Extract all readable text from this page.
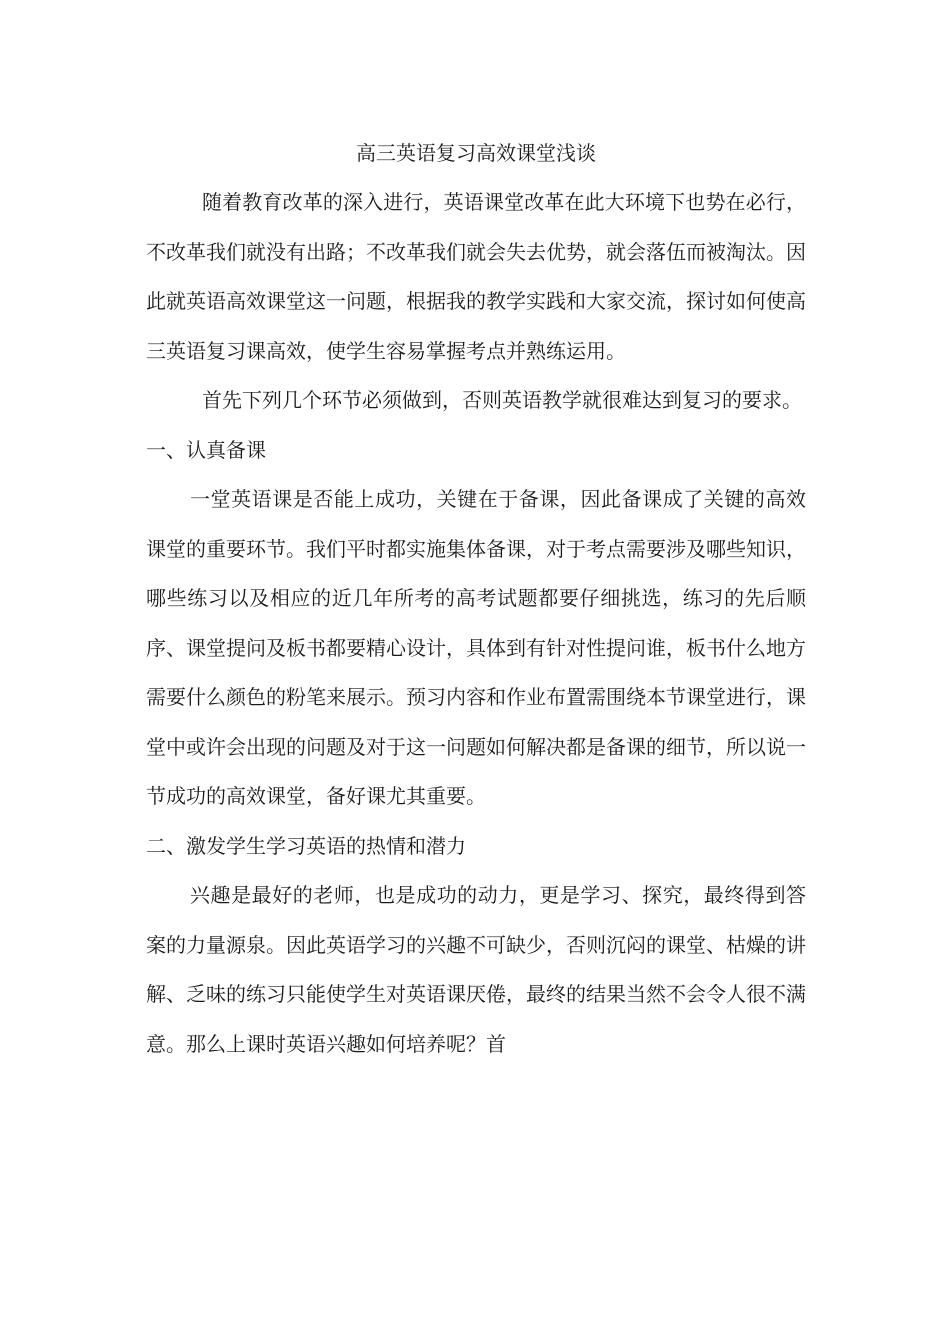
高三英语复习高效课堂浅谈

随着教育改革的深入进行，英语课堂改革在此大环境下也势在必行，不改革我们就没有出路；不改革我们就会失去优势，就会落伍而被淘汰。因此就英语高效课堂这一问题，根据我的教学实践和大家交流，探讨如何使高三英语复习课高效，使学生容易掌握考点并熟练运用。

首先下列几个环节必须做到，否则英语教学就很难达到复习的要求。

一、认真备课

一堂英语课是否能上成功，关键在于备课，因此备课成了关键的高效课堂的重要环节。我们平时都实施集体备课，对于考点需要涉及哪些知识，哪些练习以及相应的近几年所考的高考试题都要仔细挑选，练习的先后顺序、课堂提问及板书都要精心设计，具体到有针对性提问谁，板书什么地方需要什么颜色的粉笔来展示。预习内容和作业布置需围绕本节课堂进行，课堂中或许会出现的问题及对于这一问题如何解决都是备课的细节，所以说一节成功的高效课堂，备好课尤其重要。

二、激发学生学习英语的热情和潜力

兴趣是最好的老师，也是成功的动力，更是学习、探究，最终得到答案的力量源泉。因此英语学习的兴趣不可缺少，否则沉闷的课堂、枯燥的讲解、乏味的练习只能使学生对英语课厌倦，最终的结果当然不会令人很不满意。那么上课时英语兴趣如何培养呢？首
